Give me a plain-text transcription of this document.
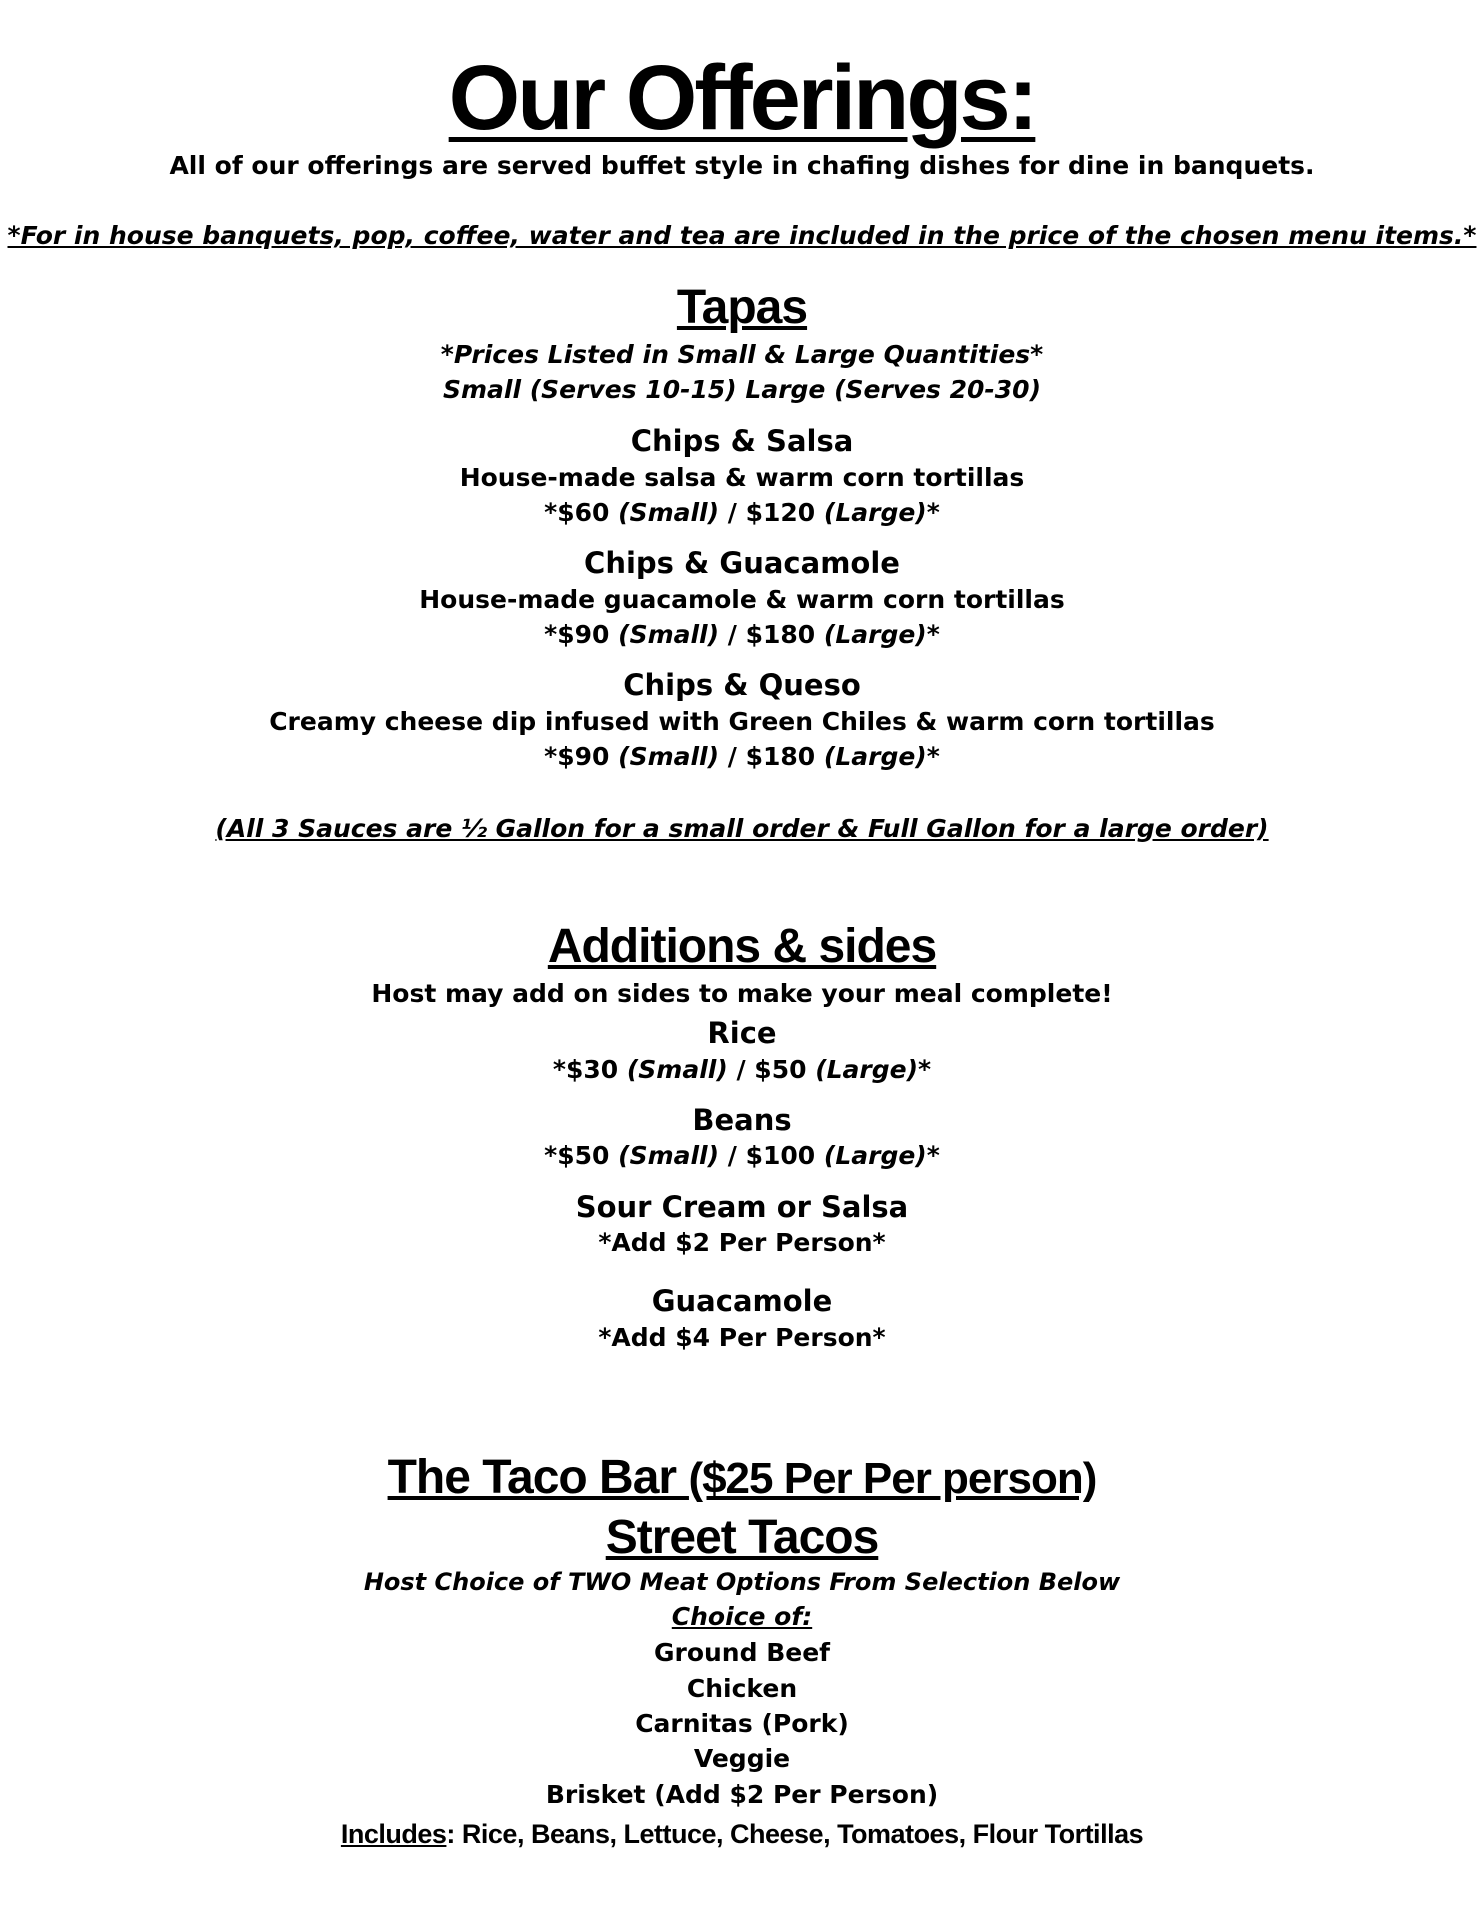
Our Offerings:
All of our offerings are served buffet style in chafing dishes for dine in banquets.
*For in house banquets, pop, coffee, water and tea are included in the price of the chosen menu items.*
Tapas
*Prices Listed in Small & Large Quantities*
Small (Serves 10-15) Large (Serves 20-30)
Chips & Salsa
House-made salsa & warm corn tortillas
*$60 (Small) / $120 (Large)*
Chips & Guacamole
House-made guacamole & warm corn tortillas
*$90 (Small) / $180 (Large)*
Chips & Queso
Creamy cheese dip infused with Green Chiles & warm corn tortillas
*$90 (Small) / $180 (Large)*
(All 3 Sauces are ½ Gallon for a small order & Full Gallon for a large order)
Additions & sides
Host may add on sides to make your meal complete!
Rice
*$30 (Small) / $50 (Large)*
Beans
*$50 (Small) / $100 (Large)*
Sour Cream or Salsa
*Add $2 Per Person*
Guacamole
*Add $4 Per Person*
The Taco Bar ($25 Per Per person)
Street Tacos
Host Choice of TWO Meat Options From Selection Below
Choice of:
Ground Beef
Chicken
Carnitas (Pork)
Veggie
Brisket (Add $2 Per Person)
Includes: Rice, Beans, Lettuce, Cheese, Tomatoes, Flour Tortillas
